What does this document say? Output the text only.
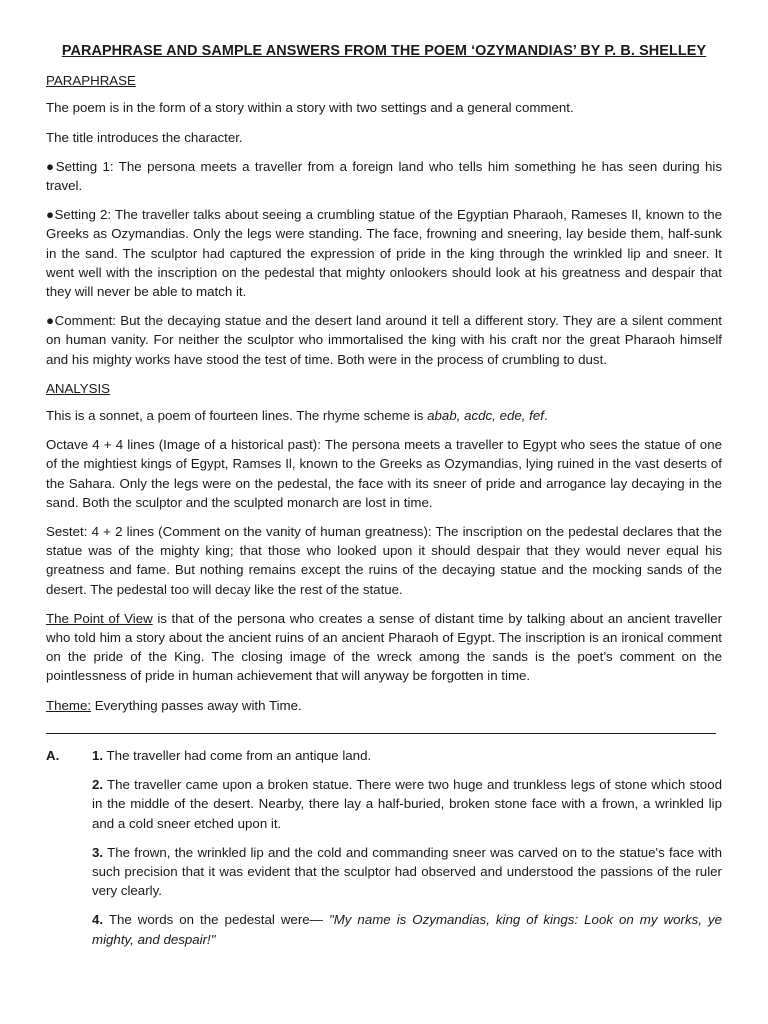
PARAPHRASE AND SAMPLE ANSWERS FROM THE POEM ‘OZYMANDIAS’ BY P. B. SHELLEY
PARAPHRASE

The poem is in the form of a story within a story with two settings and a general comment.

The title introduces the character.

●Setting 1: The persona meets a traveller from a foreign land who tells him something he has seen during his travel.

●Setting 2: The traveller talks about seeing a crumbling statue of the Egyptian Pharaoh, Rameses Il, known to the Greeks as Ozymandias. Only the legs were standing. The face, frowning and sneering, lay beside them, half-sunk in the sand. The sculptor had captured the expression of pride in the king through the wrinkled lip and sneer. It went well with the inscription on the pedestal that mighty onlookers should look at his greatness and despair that they will never be able to match it.

●Comment: But the decaying statue and the desert land around it tell a different story. They are a silent comment on human vanity. For neither the sculptor who immortalised the king with his craft nor the great Pharaoh himself and his mighty works have stood the test of time. Both were in the process of crumbling to dust.

ANALYSIS

This is a sonnet, a poem of fourteen lines. The rhyme scheme is abab, acdc, ede, fef.

Octave 4 + 4 lines (Image of a historical past): The persona meets a traveller to Egypt who sees the statue of one of the mightiest kings of Egypt, Ramses Il, known to the Greeks as Ozymandias, lying ruined in the vast deserts of the Sahara. Only the legs were on the pedestal, the face with its sneer of pride and arrogance lay decaying in the sand. Both the sculptor and the sculpted monarch are lost in time.

Sestet: 4 + 2 lines (Comment on the vanity of human greatness): The inscription on the pedestal declares that the statue was of the mighty king; that those who looked upon it should despair that they would never equal his greatness and fame. But nothing remains except the ruins of the decaying statue and the mocking sands of the desert. The pedestal too will decay like the rest of the statue.

The Point of View is that of the persona who creates a sense of distant time by talking about an ancient traveller who told him a story about the ancient ruins of an ancient Pharaoh of Egypt. The inscription is an ironical comment on the pride of the King. The closing image of the wreck among the sands is the poet’s comment on the pointlessness of pride in human achievement that will anyway be forgotten in time.

Theme: Everything passes away with Time.

A. 1. The traveller had come from an antique land.

2. The traveller came upon a broken statue. There were two huge and trunkless legs of stone which stood in the middle of the desert. Nearby, there lay a half-buried, broken stone face with a frown, a wrinkled lip and a cold sneer etched upon it.

3. The frown, the wrinkled lip and the cold and commanding sneer was carved on to the statue's face with such precision that it was evident that the sculptor had observed and understood the passions of the ruler very clearly.

4. The words on the pedestal were— "My name is Ozymandias, king of kings: Look on my works, ye mighty, and despair!"
